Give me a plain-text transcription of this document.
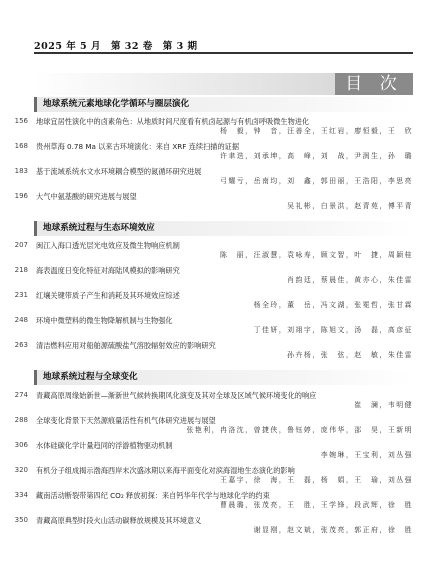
2025 年 5 月　第 32 卷　第 3 期
目 次
地球系统元素地球化学循环与圈层演化
156 地球宜居性演化中的卤素角色：从地质时间尺度看有机卤起源与有机卤呼吸微生物进化
杨　毅，钟　音，汪善全，王红岩，廖恒毅，王　欣
168 贵州草海 0.78 Ma 以来古环境演化：来自 XRF 连续扫描的证据
许聿迭，刘承坤，高　峰，刘　战，尹润生，孙　璐
183 基于流域系统水文水环境耦合模型的氮循环研究进展
弓耀亏，岳南均，刘　鑫，郭田丽，王浩阳，李思亮
196 大气中氨基酸的研究进展与展望
吴礼彬，白景洪，赵青苑，傅平青
地球系统过程与生态环境效应
207 闽江入海口透光层光电效应及微生物响应机制
陈　丽，汪淑慧，袁咏寿，顾文智，叶　捷，周颖桂
218 海表温度日变化特征对海陆风模拟的影响研究
肖韵廷，蔡晨佳，黄亦心，朱佳雷
231 红壤关键带质子产生和消耗及其环境效应综述
杨全玲，董　岳，冯文湖，张冕哲，张甘霖
248 环境中微塑料的微生物降解机制与生物强化
丁佳妍，刘翊宇，陈旭文，汤　磊，高彦征
263 清洁燃料应用对船舶源硫酸盐气溶胶辐射效应的影响研究
孙卉杨，张　弦，赵　敏，朱佳雷
地球系统过程与全球变化
274 青藏高原周缘始新世—渐新世气候转换期风化演变及其对全球及区域气候环境变化的响应
崔　澜，韦明健
288 全球变化背景下天然源痕量活性有机气体研究进展与展望
张艳利，冉洛沈，曾捷侠，鲁钰婷，庞伟华，邵　昊，王新明
306 水体硅碳化学计量趋同的浮游植物驱动机制
李婉琳，王宝利，刘丛强
320 有机分子组成揭示渤海西岸末次盛冰期以来海平面变化对滨海湿地生态演化的影响
王嘉宇，徐　海，王　磊，杨　娟，王　瑜，刘丛强
334 藏南活动断裂带第四纪 CO₂ 释放初探：来自钙华年代学与地球化学的约束
曹晨璐，张茂亮，王　胜，王学锋，段武辉，徐　胜
350 青藏高原典型时段火山活动碳释放规模及其环境意义
谢显刚，赵文斌，张茂亮，郭正府，徐　胜
